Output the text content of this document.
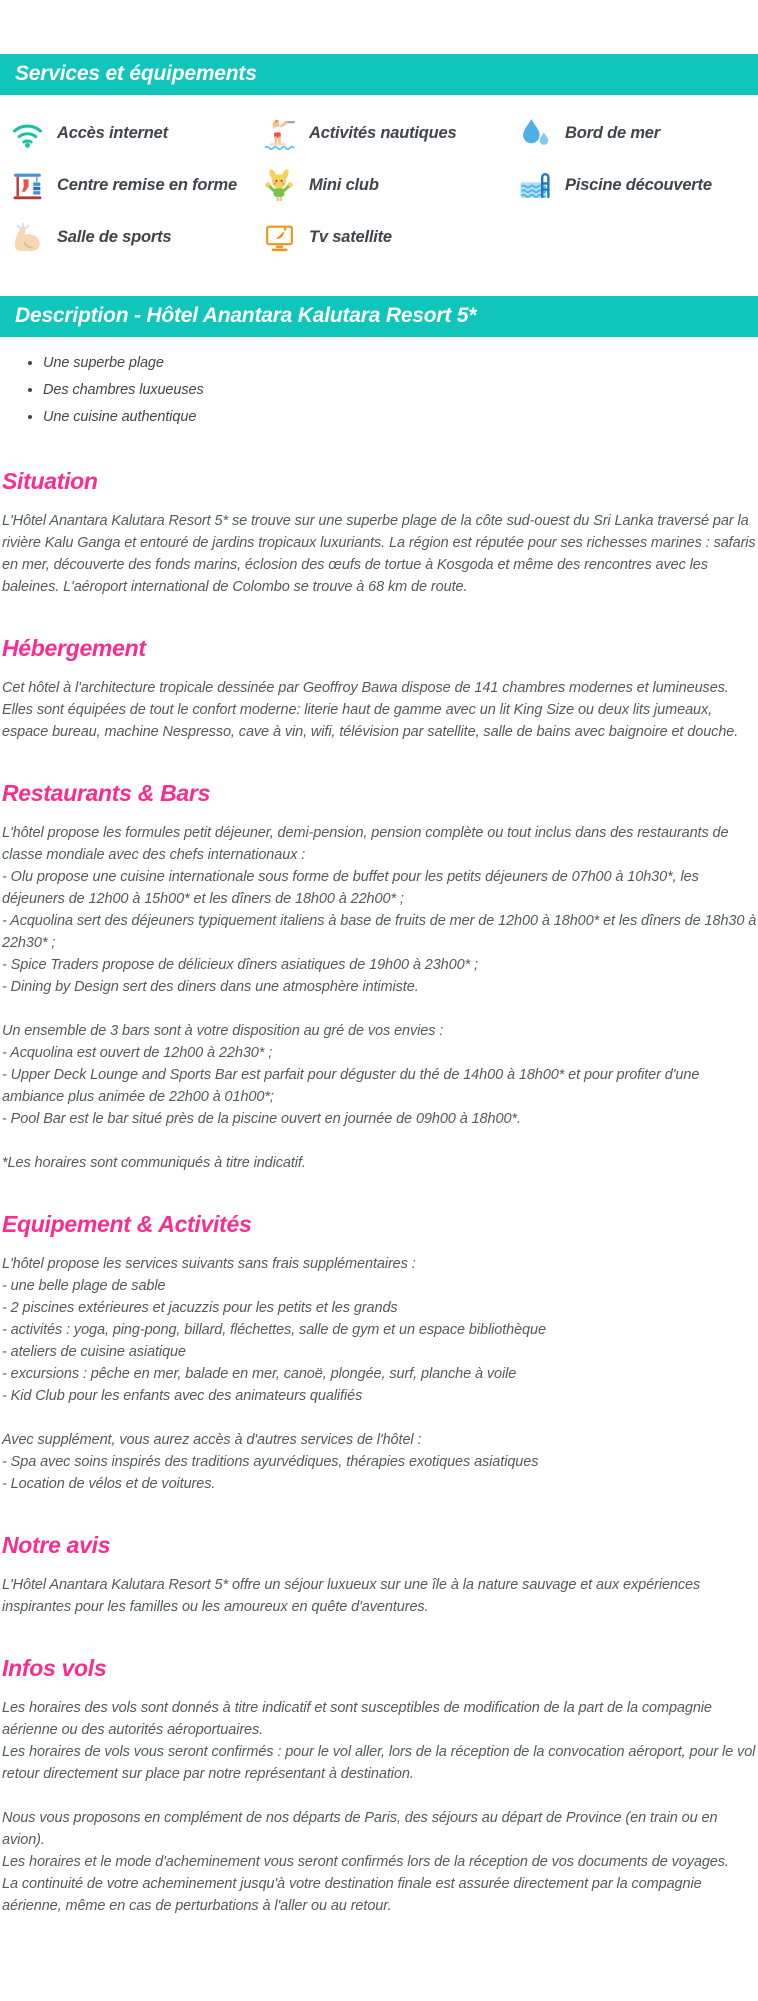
Services et équipements
Accès internet	Activités nautiques	Bord de mer
Centre remise en forme	Mini club	Piscine découverte
Salle de sports	Tv satellite
Description - Hôtel Anantara Kalutara Resort 5*
• Une superbe plage
• Des chambres luxueuses
• Une cuisine authentique
Situation

L'Hôtel Anantara Kalutara Resort 5* se trouve sur une superbe plage de la côte sud-ouest du Sri Lanka traversé par la rivière Kalu Ganga et entouré de jardins tropicaux luxuriants. La région est réputée pour ses richesses marines : safaris en mer, découverte des fonds marins, éclosion des œufs de tortue à Kosgoda et même des rencontres avec les baleines. L'aéroport international de Colombo se trouve à 68 km de route.

Hébergement

Cet hôtel à l'architecture tropicale dessinée par Geoffroy Bawa dispose de 141 chambres modernes et lumineuses. Elles sont équipées de tout le confort moderne: literie haut de gamme avec un lit King Size ou deux lits jumeaux, espace bureau, machine Nespresso, cave à vin, wifi, télévision par satellite, salle de bains avec baignoire et douche.

Restaurants & Bars

L'hôtel propose les formules petit déjeuner, demi-pension, pension complète ou tout inclus dans des restaurants de classe mondiale avec des chefs internationaux :

- Olu propose une cuisine internationale sous forme de buffet pour les petits déjeuners de 07h00 à 10h30*, les déjeuners de 12h00 à 15h00* et les dîners de 18h00 à 22h00* ;

- Acquolina sert des déjeuners typiquement italiens à base de fruits de mer de 12h00 à 18h00* et les dîners de 18h30 à 22h30* ;

- Spice Traders propose de délicieux dîners asiatiques de 19h00 à 23h00* ;

- Dining by Design sert des diners dans une atmosphère intimiste.

Un ensemble de 3 bars sont à votre disposition au gré de vos envies :

- Acquolina est ouvert de 12h00 à 22h30* ;

- Upper Deck Lounge and Sports Bar est parfait pour déguster du thé de 14h00 à 18h00* et pour profiter d'une ambiance plus animée de 22h00 à 01h00*;

- Pool Bar est le bar situé près de la piscine ouvert en journée de 09h00 à 18h00*.

*Les horaires sont communiqués à titre indicatif.

Equipement & Activités

L'hôtel propose les services suivants sans frais supplémentaires :

- une belle plage de sable

- 2 piscines extérieures et jacuzzis pour les petits et les grands

- activités : yoga, ping-pong, billard, fléchettes, salle de gym et un espace bibliothèque

- ateliers de cuisine asiatique

- excursions : pêche en mer, balade en mer, canoë, plongée, surf, planche à voile

- Kid Club pour les enfants avec des animateurs qualifiés

Avec supplément, vous aurez accès à d'autres services de l'hôtel :

- Spa avec soins inspirés des traditions ayurvédiques, thérapies exotiques asiatiques

- Location de vélos et de voitures.

Notre avis

L'Hôtel Anantara Kalutara Resort 5* offre un séjour luxueux sur une île à la nature sauvage et aux expériences inspirantes pour les familles ou les amoureux en quête d'aventures.

Infos vols

Les horaires des vols sont donnés à titre indicatif et sont susceptibles de modification de la part de la compagnie aérienne ou des autorités aéroportuaires.

Les horaires de vols vous seront confirmés : pour le vol aller, lors de la réception de la convocation aéroport, pour le vol retour directement sur place par notre représentant à destination.

Nous vous proposons en complément de nos départs de Paris, des séjours au départ de Province (en train ou en avion).

Les horaires et le mode d'acheminement vous seront confirmés lors de la réception de vos documents de voyages.

La continuité de votre acheminement jusqu'à votre destination finale est assurée directement par la compagnie aérienne, même en cas de perturbations à l'aller ou au retour.
